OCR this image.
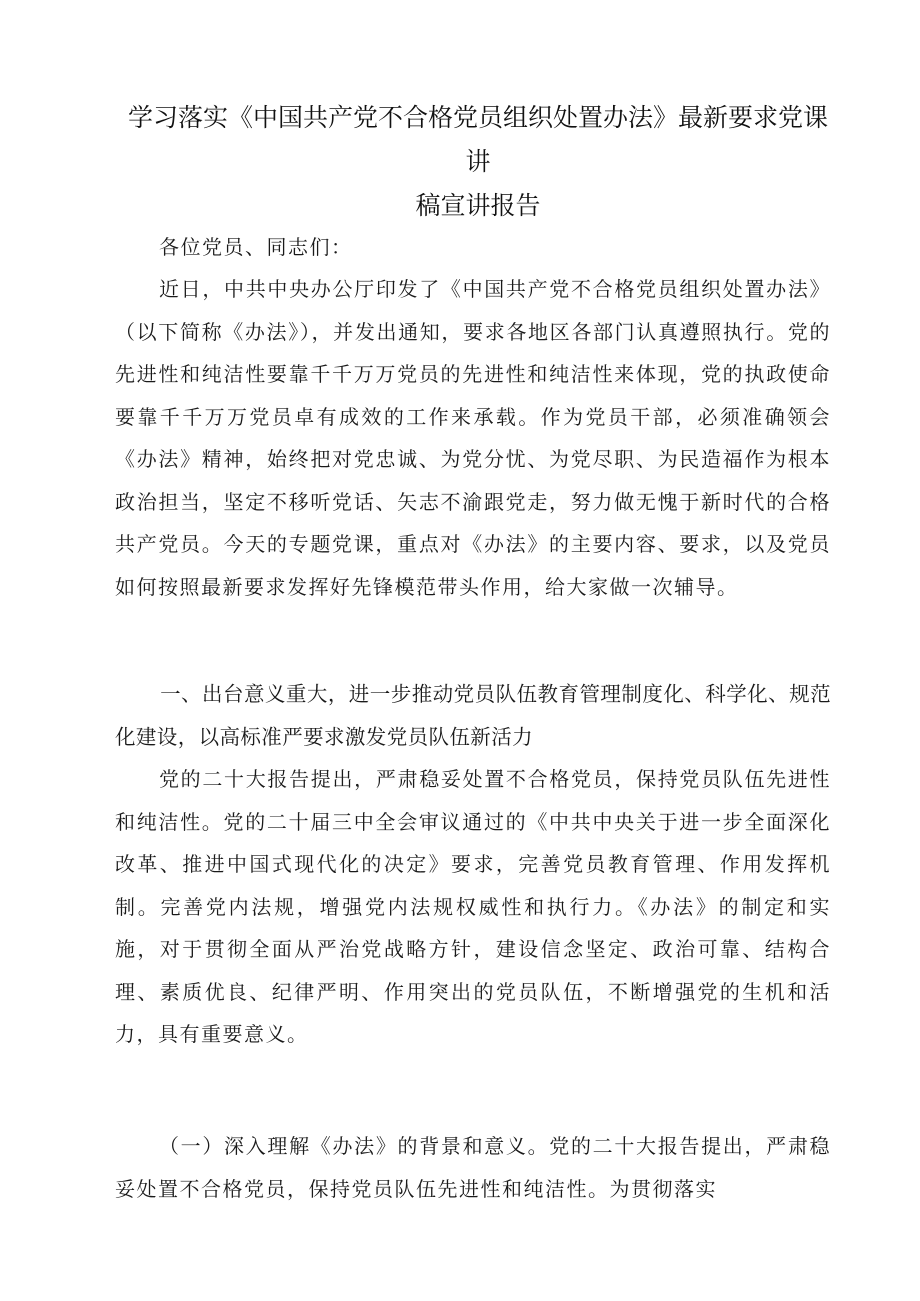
学习落实《中国共产党不合格党员组织处置办法》最新要求党课讲
稿宣讲报告

各位党员、同志们：

近日，中共中央办公厅印发了《中国共产党不合格党员组织处置办法》（以下简称《办法》），并发出通知，要求各地区各部门认真遵照执行。党的先进性和纯洁性要靠千千万万党员的先进性和纯洁性来体现，党的执政使命要靠千千万万党员卓有成效的工作来承载。作为党员干部，必须准确领会《办法》精神，始终把对党忠诚、为党分忧、为党尽职、为民造福作为根本政治担当，坚定不移听党话、矢志不渝跟党走，努力做无愧于新时代的合格共产党员。今天的专题党课，重点对《办法》的主要内容、要求，以及党员如何按照最新要求发挥好先锋模范带头作用，给大家做一次辅导。

一、出台意义重大，进一步推动党员队伍教育管理制度化、科学化、规范化建设，以高标准严要求激发党员队伍新活力

党的二十大报告提出，严肃稳妥处置不合格党员，保持党员队伍先进性和纯洁性。党的二十届三中全会审议通过的《中共中央关于进一步全面深化改革、推进中国式现代化的决定》要求，完善党员教育管理、作用发挥机制。完善党内法规，增强党内法规权威性和执行力。《办法》的制定和实施，对于贯彻全面从严治党战略方针，建设信念坚定、政治可靠、结构合理、素质优良、纪律严明、作用突出的党员队伍，不断增强党的生机和活力，具有重要意义。

（一）深入理解《办法》的背景和意义。党的二十大报告提出，严肃稳妥处置不合格党员，保持党员队伍先进性和纯洁性。为贯彻落实
